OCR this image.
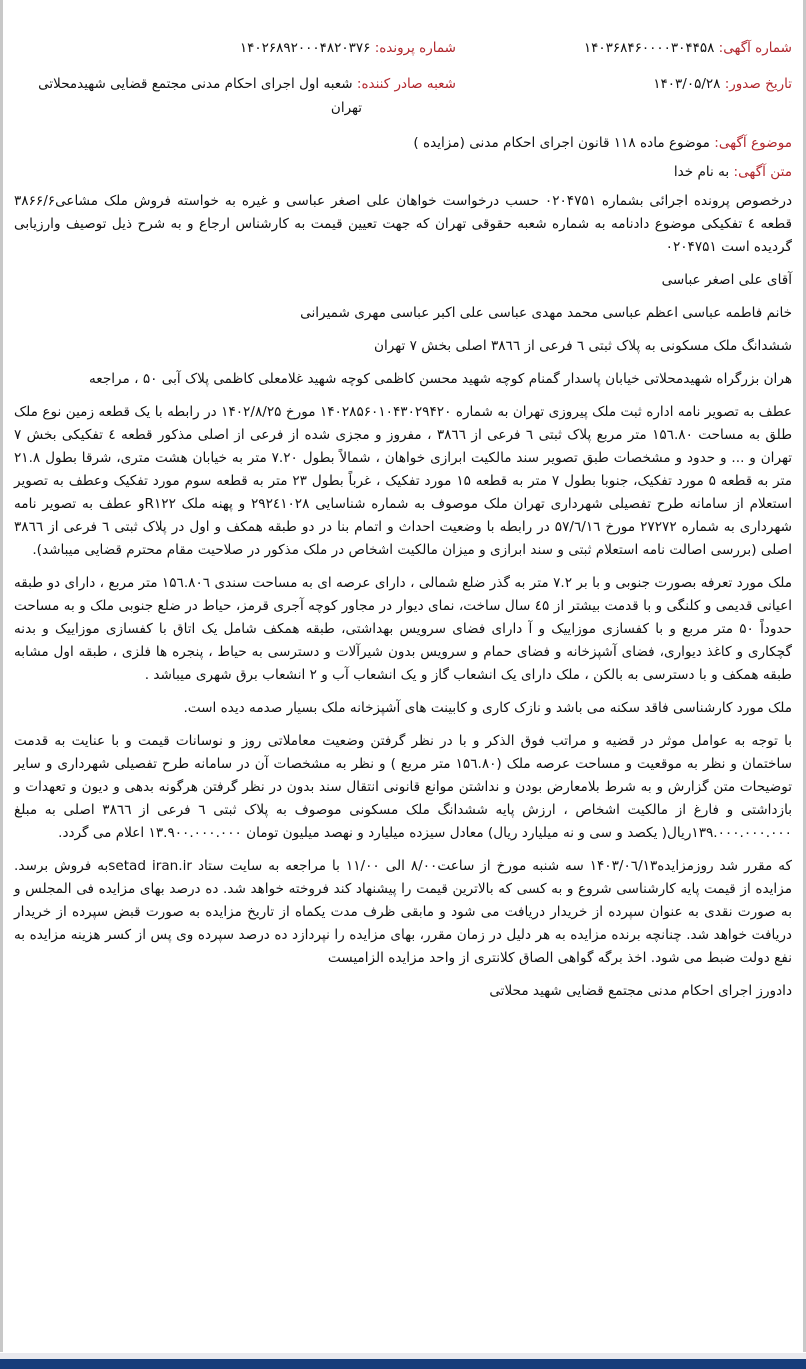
شماره آگهی: ۱۴۰۳۶۸۴۶۰۰۰۰۳۰۴۴۵۸
شماره پرونده: ۱۴۰۲۶۸۹۲۰۰۰۴۸۲۰۳۷۶
تاریخ صدور: ۱۴۰۳/۰۵/۲۸
شعبه صادر کننده: شعبه اول اجرای احکام مدنی مجتمع قضایی شهیدمحلاتی
تهران

موضوع آگهی: موضوع ماده ۱۱۸ قانون اجرای احکام مدنی (مزایده )

متن آگهی: به نام خدا

درخصوص پرونده اجرائی بشماره ۰۲۰۴۷۵۱ حسب درخواست خواهان علی اصغر عباسی و غیره به خواسته فروش ملک مشاعی۳۸۶۶/۶ قطعه ٤ تفکیکی موضوع دادنامه به شماره شعبه حقوقی تهران که جهت تعیین قیمت به کارشناس ارجاع و به شرح ذیل توصیف وارزیابی گردیده است ۰۲۰۴۷۵۱

آقای علی اصغر عباسی

خانم فاطمه عباسی اعظم عباسی محمد مهدی عباسی علی اکبر عباسی مهری شمیرانی

ششدانگ ملک مسکونی به پلاک ثبتی ٦ فرعی از ۳۸٦٦ اصلی بخش ۷ تهران

هران بزرگراه شهیدمحلاتی خیابان پاسدار گمنام کوچه شهید محسن کاظمی کوچه شهید غلامعلی کاظمی پلاک آبی ۵۰ ، مراجعه

عطف به تصویر نامه اداره ثبت ملک پیروزی تهران به شماره ۱۴۰۲۸۵۶۰۱۰۴۳۰۲۹۴۲۰ مورخ ۱۴۰۲/۸/۲۵ در رابطه با یک قطعه زمین نوع ملک طلق به مساحت ۱۵٦.۸۰ متر مربع پلاک ثبتی ٦ فرعی از ۳۸٦٦ ، مفروز و مجزی شده از فرعی از اصلی مذکور قطعه ٤ تفکیکی بخش ۷ تهران و ... و حدود و مشخصات طبق تصویر سند مالکیت ابرازی خواهان ، شمالاً بطول ۷.۲۰ متر به خیابان هشت متری، شرقا بطول ۲۱.۸ متر به قطعه ۵ مورد تفکیک، جنوبا بطول ۷ متر به قطعه ۱۵ مورد تفکیک ، غرباً بطول ۲۳ متر به قطعه سوم مورد تفکیک وعطف به تصویر استعلام از سامانه طرح تفصیلی شهرداری تهران ملک موصوف به شماره شناسایی ۲۹۲٤۱۰۲۸ و پهنه ملک R۱۲۲و عطف به تصویر نامه شهرداری به شماره ۲۷۲۷۲ مورخ ۵۷/٦/۱٦ در رابطه با وضعیت احداث و اتمام بنا در دو طبقه همکف و اول در پلاک ثبتی ٦ فرعی از ۳۸٦٦ اصلی (بررسی اصالت نامه استعلام ثبتی و سند ابرازی و میزان مالکیت اشخاص در ملک مذکور در صلاحیت مقام محترم قضایی میباشد).

ملک مورد تعرفه بصورت جنوبی و با بر ۷.۲ متر به گذر ضلع شمالی ، دارای عرصه ای به مساحت سندی ۱۵٦.۸۰٦ متر مربع ، دارای دو طبقه اعیانی قدیمی و کلنگی و با قدمت بیشتر از ٤۵ سال ساخت، نمای دیوار در مجاور کوچه آجری قرمز، حیاط در ضلع جنوبی ملک و به مساحت حدوداً ۵۰ متر مربع و با کفسازی موزاییک و آ دارای فضای سرویس بهداشتی، طبقه همکف شامل یک اتاق با کفسازی موزاییک و بدنه گچکاری و کاغذ دیواری، فضای آشپزخانه و فضای حمام و سرویس بدون شیرآلات و دسترسی به حیاط ، پنجره ها فلزی ، طبقه اول مشابه طبقه همکف و با دسترسی به بالکن ، ملک دارای یک انشعاب گاز و یک انشعاب آب و ۲ انشعاب برق شهری میباشد .

ملک مورد کارشناسی فاقد سکنه می باشد و نازک کاری و کابینت های آشپزخانه ملک بسیار صدمه دیده است.

با توجه به عوامل موثر در قضیه و مراتب فوق الذکر و با در نظر گرفتن وضعیت معاملاتی روز و نوسانات قیمت و با عنایت به قدمت ساختمان و نظر به موقعیت و مساحت عرصه ملک (۱۵٦.۸۰ متر مربع ) و نظر به مشخصات آن در سامانه طرح تفصیلی شهرداری و سایر توضیحات متن گزارش و به شرط بلامعارض بودن و نداشتن موانع قانونی انتقال سند بدون در نظر گرفتن هرگونه بدهی و دیون و تعهدات و بازداشتی و فارغ از مالکیت اشخاص ، ارزش پایه ششدانگ ملک مسکونی موصوف به پلاک ثبتی ٦ فرعی از ۳۸٦٦ اصلی به مبلغ ۱۳۹.۰۰۰.۰۰۰.۰۰۰ریال( یکصد و سی و نه میلیارد ریال) معادل سیزده میلیارد و نهصد میلیون تومان ۱۳.۹۰۰.۰۰۰.۰۰۰ اعلام می گردد.

که مقرر شد روزمزایده۱۴۰۳/۰٦/۱۳ سه شنبه مورخ از ساعت۸/۰۰ الی ۱۱/۰۰ با مراجعه به سایت ستاد setad iran.irبه فروش برسد. مزایده از قیمت پایه کارشناسی شروع و به کسی که بالاترین قیمت را پیشنهاد کند فروخته خواهد شد. ده درصد بهای مزایده فی المجلس و به صورت نقدی به عنوان سپرده از خریدار دریافت می شود و مابقی ظرف مدت یکماه از تاریخ مزایده به صورت قبض سپرده از خریدار دریافت خواهد شد. چنانچه برنده مزایده به هر دلیل در زمان مقرر، بهای مزایده را نپردازد ده درصد سپرده وی پس از کسر هزینه مزایده به نفع دولت ضبط می شود. اخذ برگه گواهی الصاق کلانتری از واحد مزایده الزامیست

دادورز اجرای احکام مدنی مجتمع قضایی شهید محلاتی
